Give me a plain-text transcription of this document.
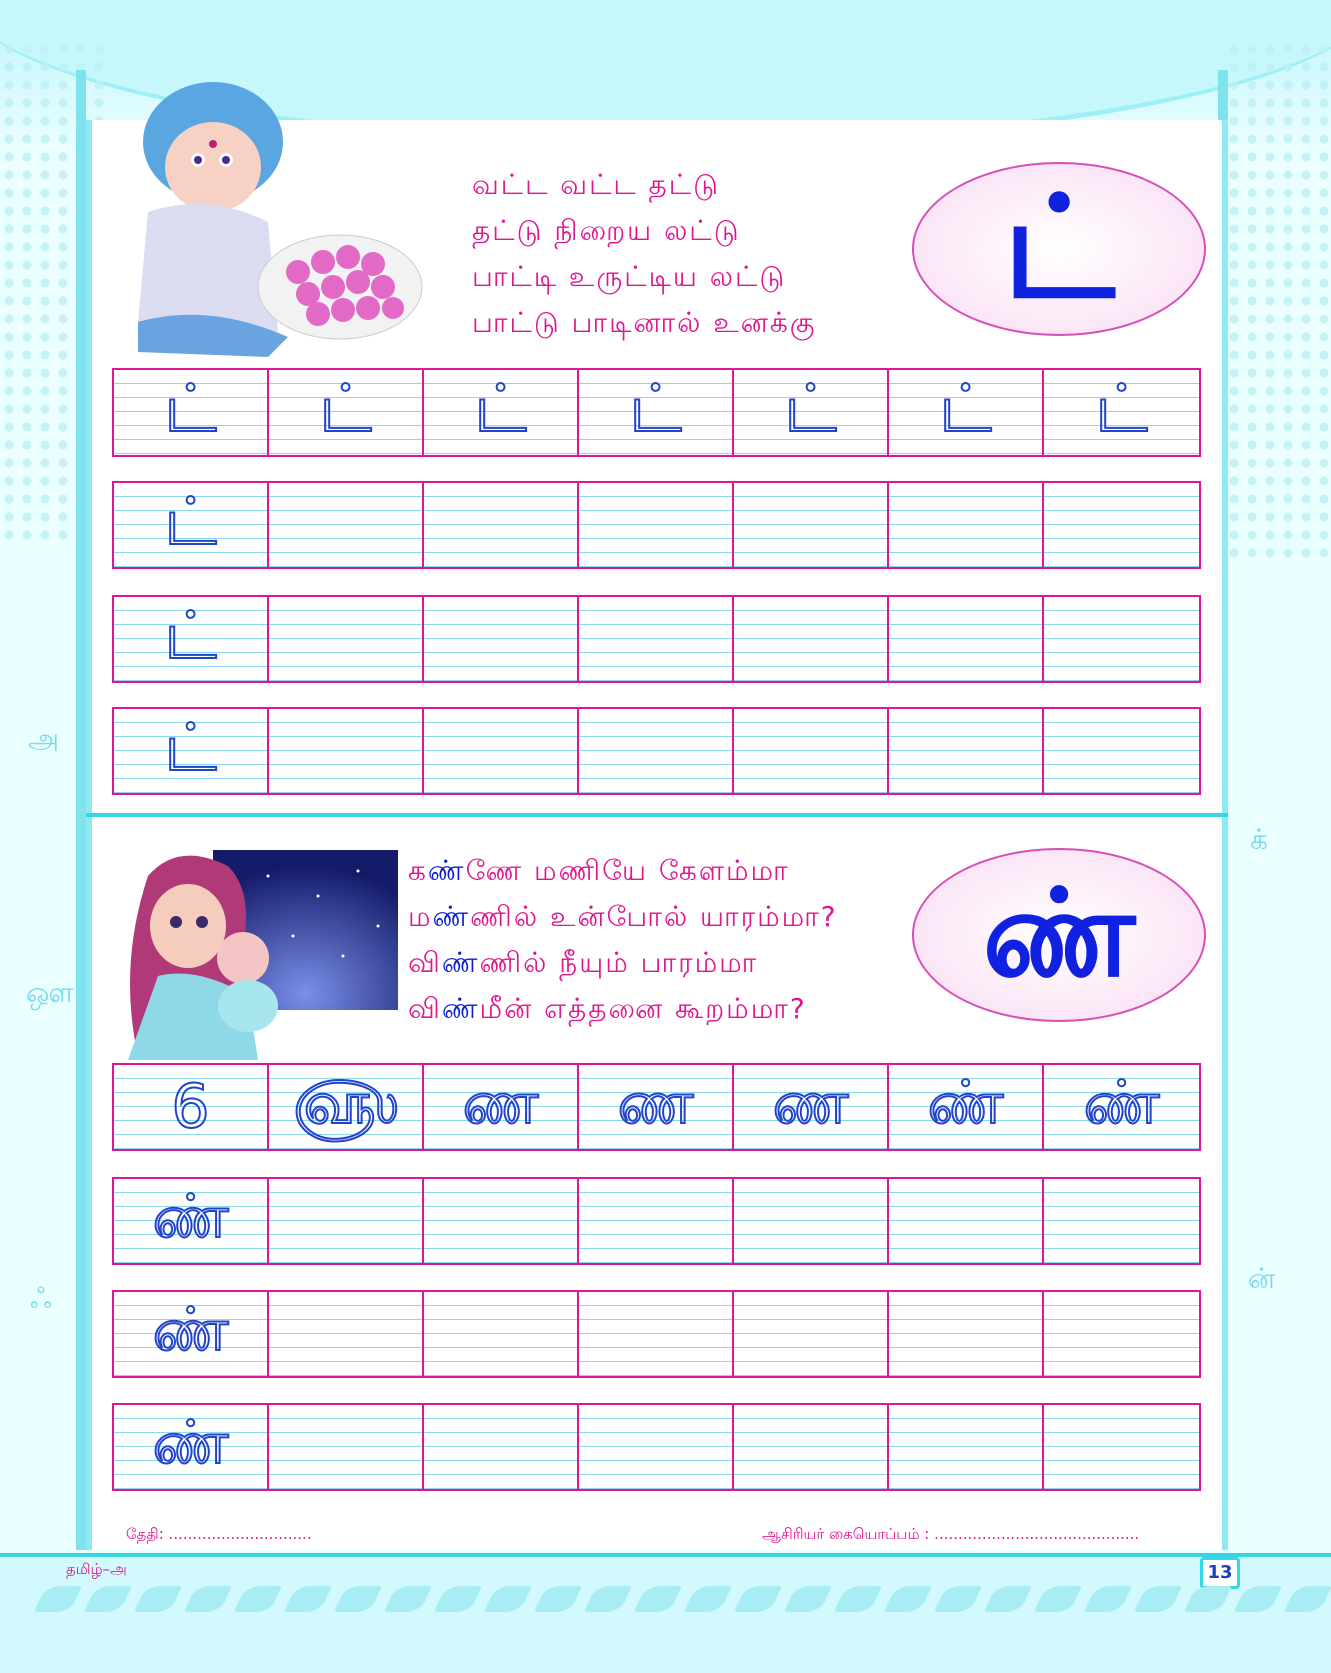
அ
ஔ
ஃ
க்
ன்
வட்ட வட்ட தட்டு
தட்டு நிறைய லட்டு
பாட்டி உருட்டிய லட்டு
பாட்டு பாடினால் உனக்கு ட்
ட் ட் ட் ட் ட் ட் ட்
ட்
ட்
ட்
கண்ணே மணியே கேளம்மா
மண்ணில் உன்போல் யாரம்மா?
விண்ணில் நீயும் பாரம்மா
விண்மீன் எத்தனை கூறம்மா?
ண்
6 ௵ ண ண ண ண் ண்
ண்
ண்
ண்
தேதி: ..............................	ஆசிரியர் கையொப்பம் : ...........................................
தமிழ்–அ	13
